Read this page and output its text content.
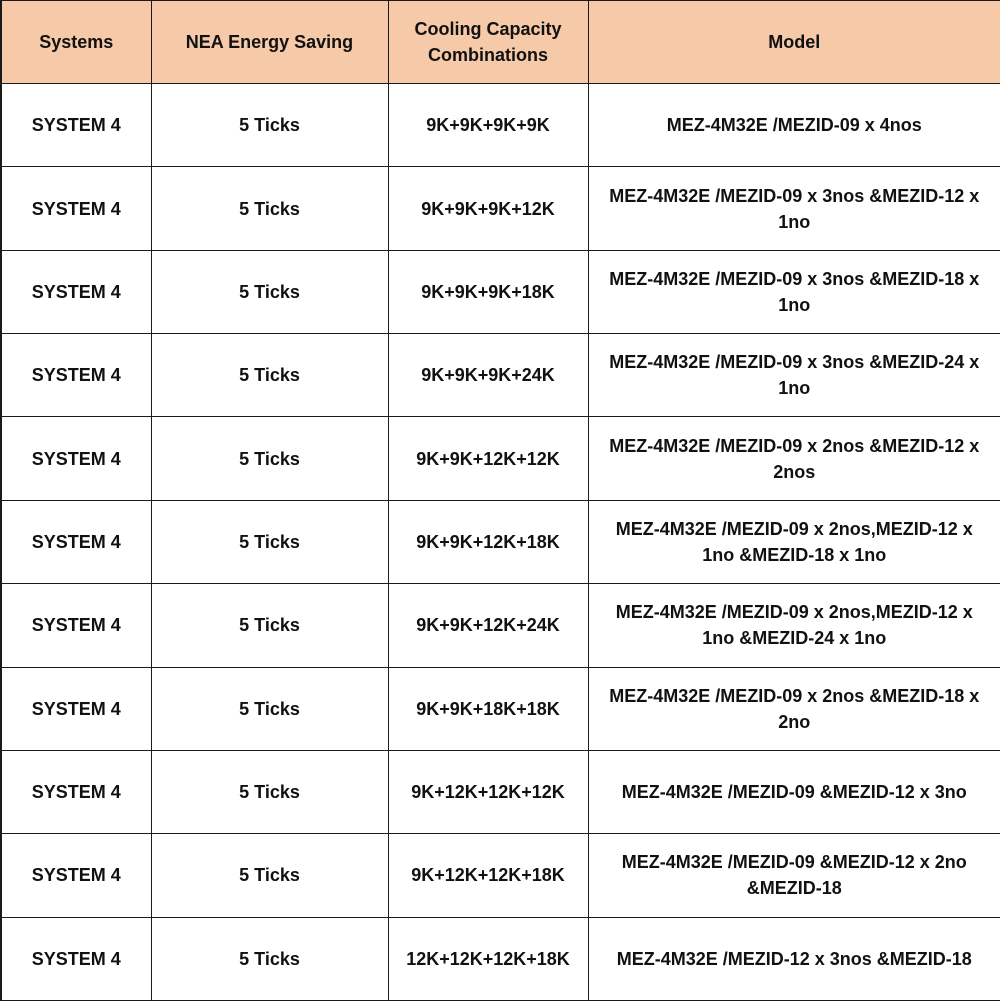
Systems	NEA Energy Saving	Cooling Capacity Combinations	Model
SYSTEM 4	5 Ticks	9K+9K+9K+9K	MEZ-4M32E /MEZID-09 x 4nos
SYSTEM 4	5 Ticks	9K+9K+9K+12K	MEZ-4M32E /MEZID-09 x 3nos &MEZID-12 x 1no
SYSTEM 4	5 Ticks	9K+9K+9K+18K	MEZ-4M32E /MEZID-09 x 3nos &MEZID-18 x 1no
SYSTEM 4	5 Ticks	9K+9K+9K+24K	MEZ-4M32E /MEZID-09 x 3nos &MEZID-24 x 1no
SYSTEM 4	5 Ticks	9K+9K+12K+12K	MEZ-4M32E /MEZID-09 x 2nos &MEZID-12 x 2nos
SYSTEM 4	5 Ticks	9K+9K+12K+18K	MEZ-4M32E /MEZID-09 x 2nos,MEZID-12 x 1no &MEZID-18 x 1no
SYSTEM 4	5 Ticks	9K+9K+12K+24K	MEZ-4M32E /MEZID-09 x 2nos,MEZID-12 x 1no &MEZID-24 x 1no
SYSTEM 4	5 Ticks	9K+9K+18K+18K	MEZ-4M32E /MEZID-09 x 2nos &MEZID-18 x 2no
SYSTEM 4	5 Ticks	9K+12K+12K+12K	MEZ-4M32E /MEZID-09 &MEZID-12 x 3no
SYSTEM 4	5 Ticks	9K+12K+12K+18K	MEZ-4M32E /MEZID-09 &MEZID-12 x 2no &MEZID-18
SYSTEM 4	5 Ticks	12K+12K+12K+18K	MEZ-4M32E /MEZID-12 x 3nos &MEZID-18
